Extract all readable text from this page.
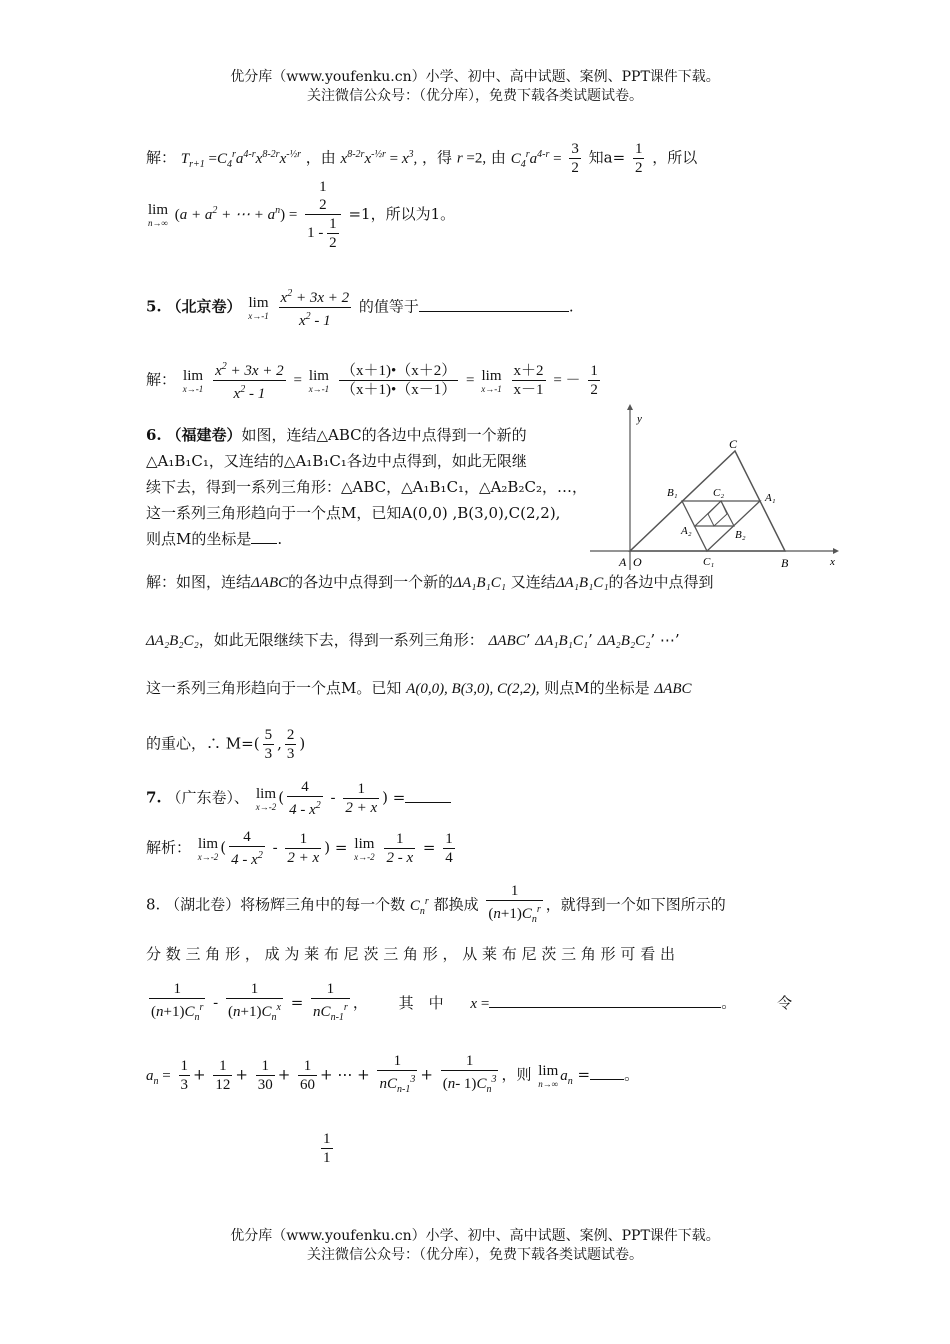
优分库（www.youfenku.cn）小学、初中、高中试题、案例、PPT课件下载。
关注微信公众号：（优分库），免费下载各类试题试卷。
解： $T_{r+1} =C_4^ra^{4-r}x^{8-2r}x^{-\frac{1}{2}r}$ ，由 $x^{8-2r}x^{-\frac{1}{2}r} = x^3$, ，得 r =2, 由 $C_4^ra^{4-r} = \frac{3}{2}$ 知$a= \frac{1}{2}$ ，所以
lim
n→∞ ($a + a^2$ + ⋯ + $a^n$) =
1
2
$1 - \frac{1}{2}$
=1，所以为1。
5. （北京卷） lim
x→-1
$\frac{x^2 + 3x + 2}{x^2 - 1}$ 的值等于	.
解： lim
x→-1
$\frac{x^2 + 3x + 2}{x^2 - 1} = \lim$
x→-1
$\frac{(x+1)•(x+2)}{(x+1)•(x-1)} = \lim$
x→-1
$\frac{x+2}{x-1}$ = － $\frac{1}{2}$
6. （福建卷）如图，连结△ABC的各边中点得到一个新的
△A₁B₁C₁，又连结的△A₁B₁C₁各边中点得到，如此无限继
续下去，得到一系列三角形：△ABC，△A₁B₁C₁，△A₂B₂C₂，…，
这一系列三角形趋向于一个点M，已知A(0,0) ,B(3,0),C(2,2),
则点M的坐标是 .
y
x
O
A	B
C
A₁
B₁
C₁
A₂	B₂
C₂
解：如图，连结ΔABC的各边中点得到一个新的ΔA₁B₁C₁ 又连结ΔA₁B₁C₁的各边中点得到
ΔA₂B₂C₂，如此无限继续下去，得到一系列三角形： ΔABC’ ΔA₁B₁C₁’ ΔA₂B₂C₂’ ⋯’
这一系列三角形趋向于一个点M。已知 A(0,0), B(3,0), C(2,2), 则点M的坐标是 ΔABC
的重心，∴ $M=( \frac{5}{3}$ , $\frac{2}{3}$ )
7. （广东卷）、 lim
x→-2 ( $\frac{4}{4 - x^2} - \frac{1}{2 + x}$ ) =
解析： lim
x→-2 ( $\frac{4}{4 - x^2} - \frac{1}{2 + x}$ ) = lim
x→-2
$\frac{1}{2 - x} = \frac{1}{4}$
8. （湖北卷）将杨辉三角中的每一个数 $C_n^r$ 都换成 $\frac{1}{(n+1)C_n^r}$ ，就得到一个如下图所示的
分 数 三 角 形 ， 成 为 莱 布 尼 茨 三 角 形 ， 从 莱 布 尼 茨 三 角 形 可 看 出
$\frac{1}{(n+1)C_n^r} - \frac{1}{(n+1)C_n^x} = \frac{1}{nC_{n-1}^r}$ ， 其　中 x =	。	令
$a_n = \frac{1}{3} + \frac{1}{12} + \frac{1}{30} + \frac{1}{60}$ + ⋯ + $\frac{1}{nC_{n-1}^3} + \frac{1}{(n- 1)C_n^3}$ ，则 lim
n→∞ $a_n$ = 。
$\frac{1}{1}$
优分库（www.youfenku.cn）小学、初中、高中试题、案例、PPT课件下载。
关注微信公众号：（优分库），免费下载各类试题试卷。
